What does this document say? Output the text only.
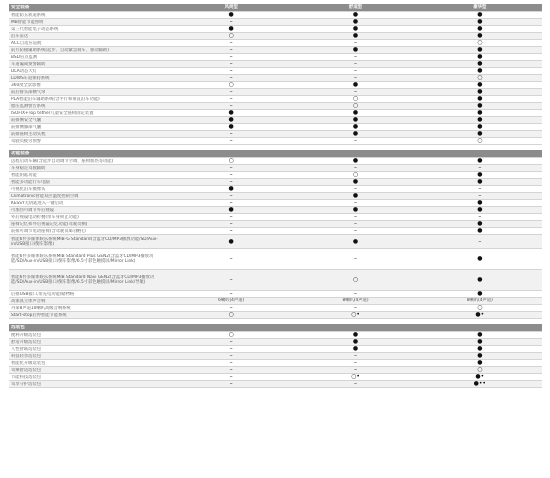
安全装备	风尚型	舒适型	豪华型
智能防五轨道系统	●	●	●
MB智能节能照明	–	●	●
第三代智能电子动态系统	●	●	●
泊车雷达	○	●	●
ACC自适应巡航	–	–	○
前方防撞辅助系统(起步、自动紧急刹车、驱动辅助)	–	●	●
BSD盲点监测	–	–	●
车道偏离预警辅助	–	–	●
DLA动态大灯	–	–	●
LDWS车道保持系统	–	–	○
360度全景影像	○	●	●
前后排头部侧气帘	–	–	●
PLA智能泊车辅助系统(含平行和垂直泊车功能)	–	○	●
胎压监测警告系统	–	○	●
ISOFIX+Top tether儿童安全座椅固定装置	●	●	●
前排侧安全气囊	●	●	●
前排侧膝部气囊	●	●	●
前排座椅主动头枕	–	●	●
驾驶员疲劳预警	–	–	○
功能装备
远程启动车辆(含起步自动调节空调、座椅加热等功能)	○	●	●
车身稳定驾驶辅助	–	–	–
智能钥匙功能	–	○	●
智能多功能行车电脑	–	●	●
可视化泊车摄像头	●	–	–
Climatronic智能双区温度控制空调	–	●	–
KESSY无钥匙进入一键启动	–	–	●
可加热可调节外后视镜	●	●	●
外后视镜电动折叠(带车身锁止功能)	–	–	–
座椅记忆和外后视镜记忆功能(驾驶员侧)	–	–	●
前排可调节电动座椅(含驾驶员4向腰托)	–	–	●
智能6件多媒体娱乐系统MIB-G Standard(含蓝牙CD/MP3播放功能/SD/Aux-in/USB接口/倒车影像)	●	●	–
智能6件多媒体娱乐系统MIB Standard Plus GEN2(含蓝牙CD/MP3播放功能/SD/Aux-in/USB接口/倒车影像/6.5寸彩色触摸屏/Mirror Link)	–	–	●
智能6件多媒体娱乐系统MIB Standard Navi GEN2(含蓝牙CD/MP3播放功能/SD/Aux-in/USB接口/倒车影像/6.5寸彩色触摸屏/Mirror Link/导航)	–	○	●
后排USB接口,带充电功能/储物格	–	–	●
高保真立体声音响	6喇叭(4声道)	8喇叭(4声道)	8喇叭(4声道)
丹拿8声道10喇叭高级音响系统	–	–	○
Start-stop启停智能节能系统	○	○•	●•
选装包
便利升级选装包	○	●	●
舒适升级选装包	–	●	●
人性智联选装包	–	●	●
科技轻享选装包	–	–	●
智能化升级选装包	–	–	●
驾乘舒适选装包	–	–	○
节能科技选装包	–	○•	●•
驾享守护选装包	–	–	●••
